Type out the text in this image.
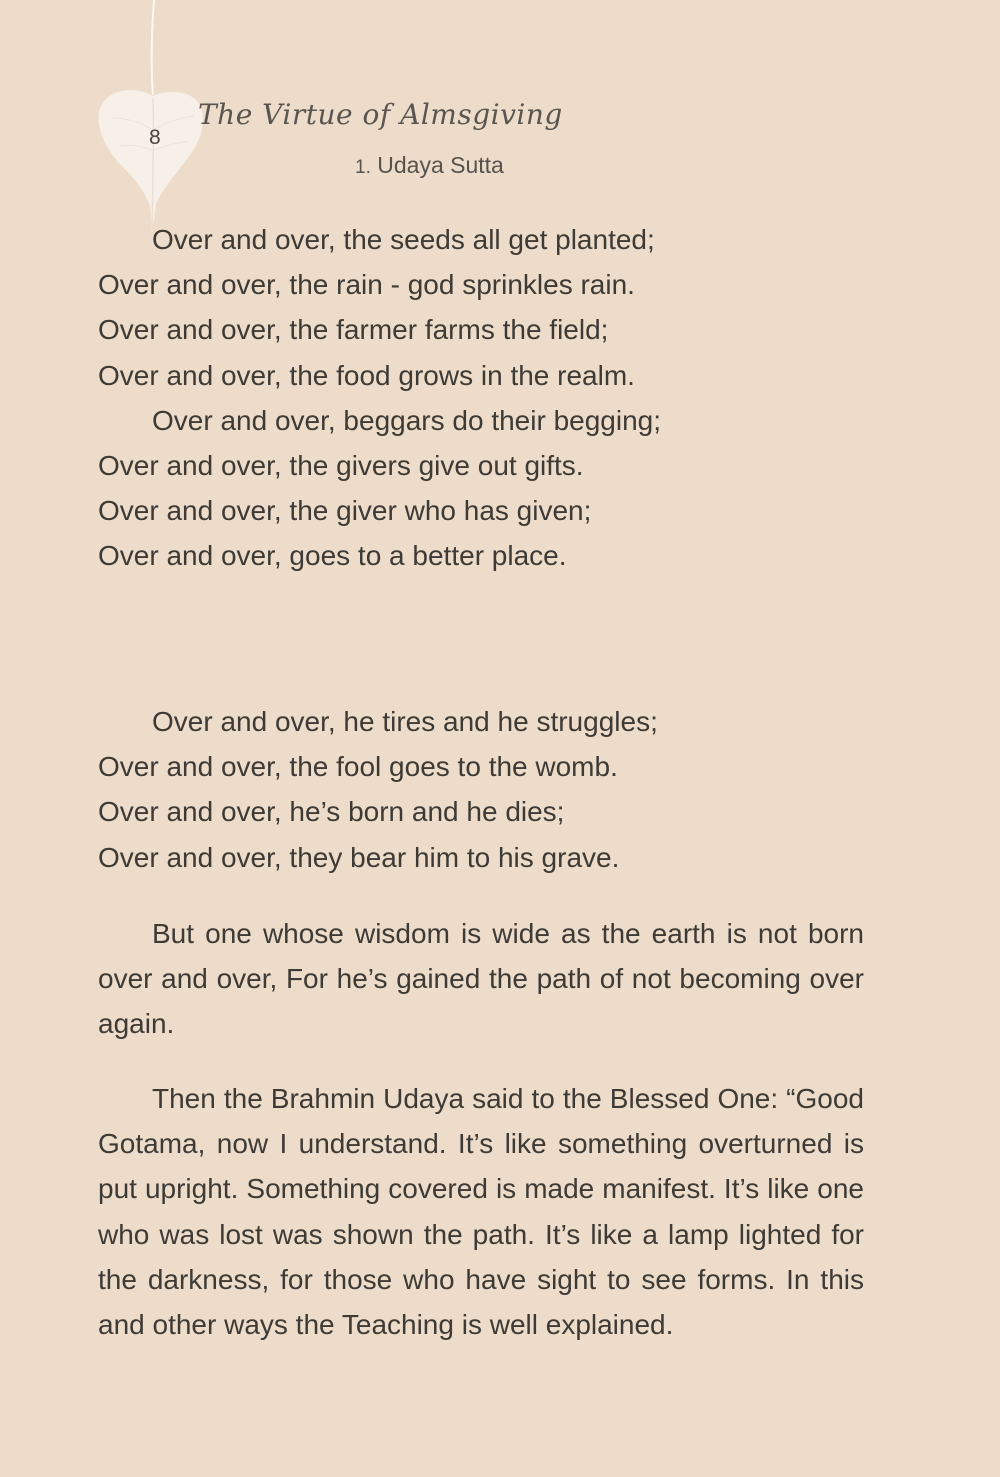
8
The Virtue of Almsgiving
1. Udaya Sutta
Over and over, the seeds all get planted;
Over and over, the rain - god sprinkles rain.
Over and over, the farmer farms the field;
Over and over, the food grows in the realm.
Over and over, beggars do their begging;
Over and over, the givers give out gifts.
Over and over, the giver who has given;
Over and over, goes to a better place.
Over and over, he tires and he struggles;
Over and over, the fool goes to the womb.
Over and over, he’s born and he dies;
Over and over, they bear him to his grave.

But one whose wisdom is wide as the earth is not born over and over, For he’s gained the path of not becoming over again.

Then the Brahmin Udaya said to the Blessed One: “Good Gotama, now I understand. It’s like something overturned is put upright. Something covered is made manifest. It’s like one who was lost was shown the path. It’s like a lamp lighted for the darkness, for those who have sight to see forms. In this and other ways the Teaching is well explained.
